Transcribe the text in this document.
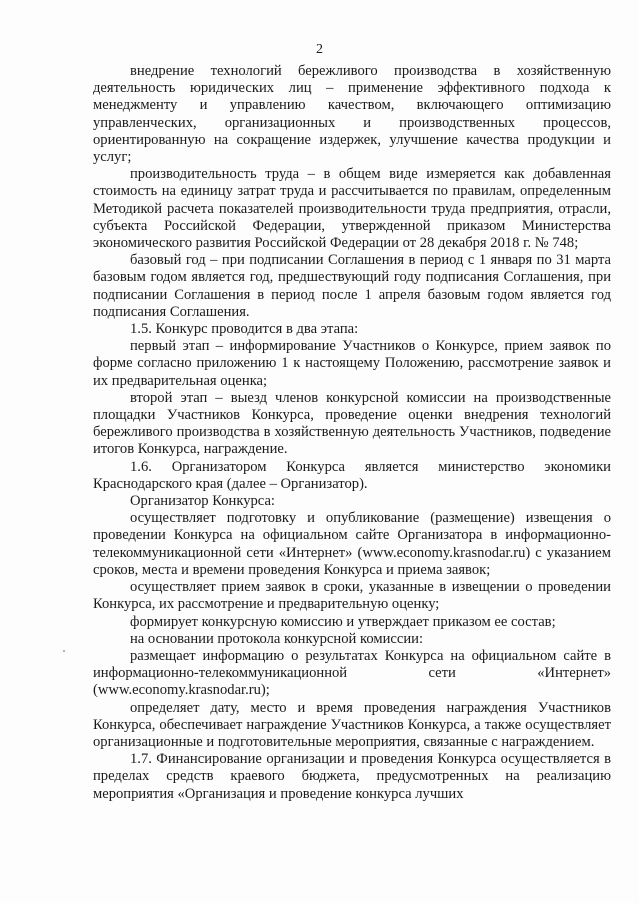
2

внедрение технологий бережливого производства в хозяйственную деятельность юридических лиц – применение эффективного подхода к менеджменту и управлению качеством, включающего оптимизацию управленческих, организационных и производственных процессов, ориентированную на сокращение издержек, улучшение качества продукции и услуг;

производительность труда – в общем виде измеряется как добавленная стоимость на единицу затрат труда и рассчитывается по правилам, определенным Методикой расчета показателей производительности труда предприятия, отрасли, субъекта Российской Федерации, утвержденной приказом Министерства экономического развития Российской Федерации от 28 декабря 2018 г. № 748;

базовый год – при подписании Соглашения в период с 1 января по 31 марта базовым годом является год, предшествующий году подписания Соглашения, при подписании Соглашения в период после 1 апреля базовым годом является год подписания Соглашения.

1.5. Конкурс проводится в два этапа:

первый этап – информирование Участников о Конкурсе, прием заявок по форме согласно приложению 1 к настоящему Положению, рассмотрение заявок и их предварительная оценка;

второй этап – выезд членов конкурсной комиссии на производственные площадки Участников Конкурса, проведение оценки внедрения технологий бережливого производства в хозяйственную деятельность Участников, подведение итогов Конкурса, награждение.

1.6. Организатором Конкурса является министерство экономики Краснодарского края (далее – Организатор).

Организатор Конкурса:

осуществляет подготовку и опубликование (размещение) извещения о проведении Конкурса на официальном сайте Организатора в информационно-телекоммуникационной сети «Интернет» (www.economy.krasnodar.ru) с указанием сроков, места и времени проведения Конкурса и приема заявок;

осуществляет прием заявок в сроки, указанные в извещении о проведении Конкурса, их рассмотрение и предварительную оценку;

формирует конкурсную комиссию и утверждает приказом ее состав;

на основании протокола конкурсной комиссии:

размещает информацию о результатах Конкурса на официальном сайте в информационно-телекоммуникационной сети «Интернет» (www.economy.krasnodar.ru);

определяет дату, место и время проведения награждения Участников Конкурса, обеспечивает награждение Участников Конкурса, а также осуществляет организационные и подготовительные мероприятия, связанные с награждением.

1.7. Финансирование организации и проведения Конкурса осуществляется в пределах средств краевого бюджета, предусмотренных на реализацию мероприятия «Организация и проведение конкурса лучших
